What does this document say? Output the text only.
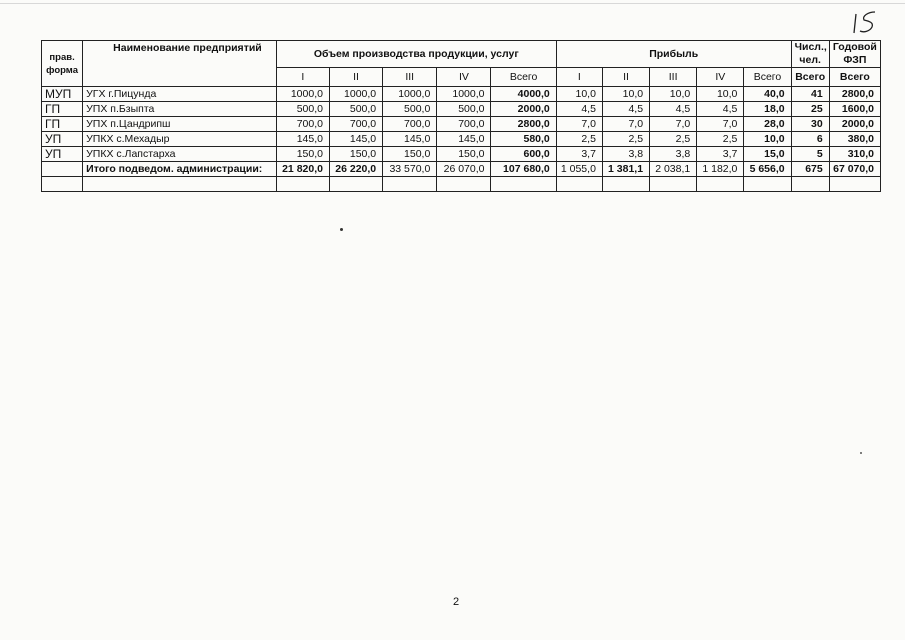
прав. форма	Наименование предприятий	Объем производства продукции, услуг					Прибыль					Числ., чел.	Годовой ФЗП
		I	II	III	IV	Всего	I	II	III	IV	Всего	Всего	Всего
МУП	УГХ г.Пицунда	1000,0	1000,0	1000,0	1000,0	4000,0	10,0	10,0	10,0	10,0	40,0	41	2800,0
ГП	УПХ п.Бзыпта	500,0	500,0	500,0	500,0	2000,0	4,5	4,5	4,5	4,5	18,0	25	1600,0
ГП	УПХ п.Цандрипш	700,0	700,0	700,0	700,0	2800,0	7,0	7,0	7,0	7,0	28,0	30	2000,0
УП	УПКХ с.Мехадыр	145,0	145,0	145,0	145,0	580,0	2,5	2,5	2,5	2,5	10,0	6	380,0
УП	УПКХ с.Лапстарха	150,0	150,0	150,0	150,0	600,0	3,7	3,8	3,8	3,7	15,0	5	310,0
	Итого подведом. администрации:	21 820,0	26 220,0	33 570,0	26 070,0	107 680,0	1 055,0	1 381,1	2 038,1	1 182,0	5 656,0	675	67 070,0

2
